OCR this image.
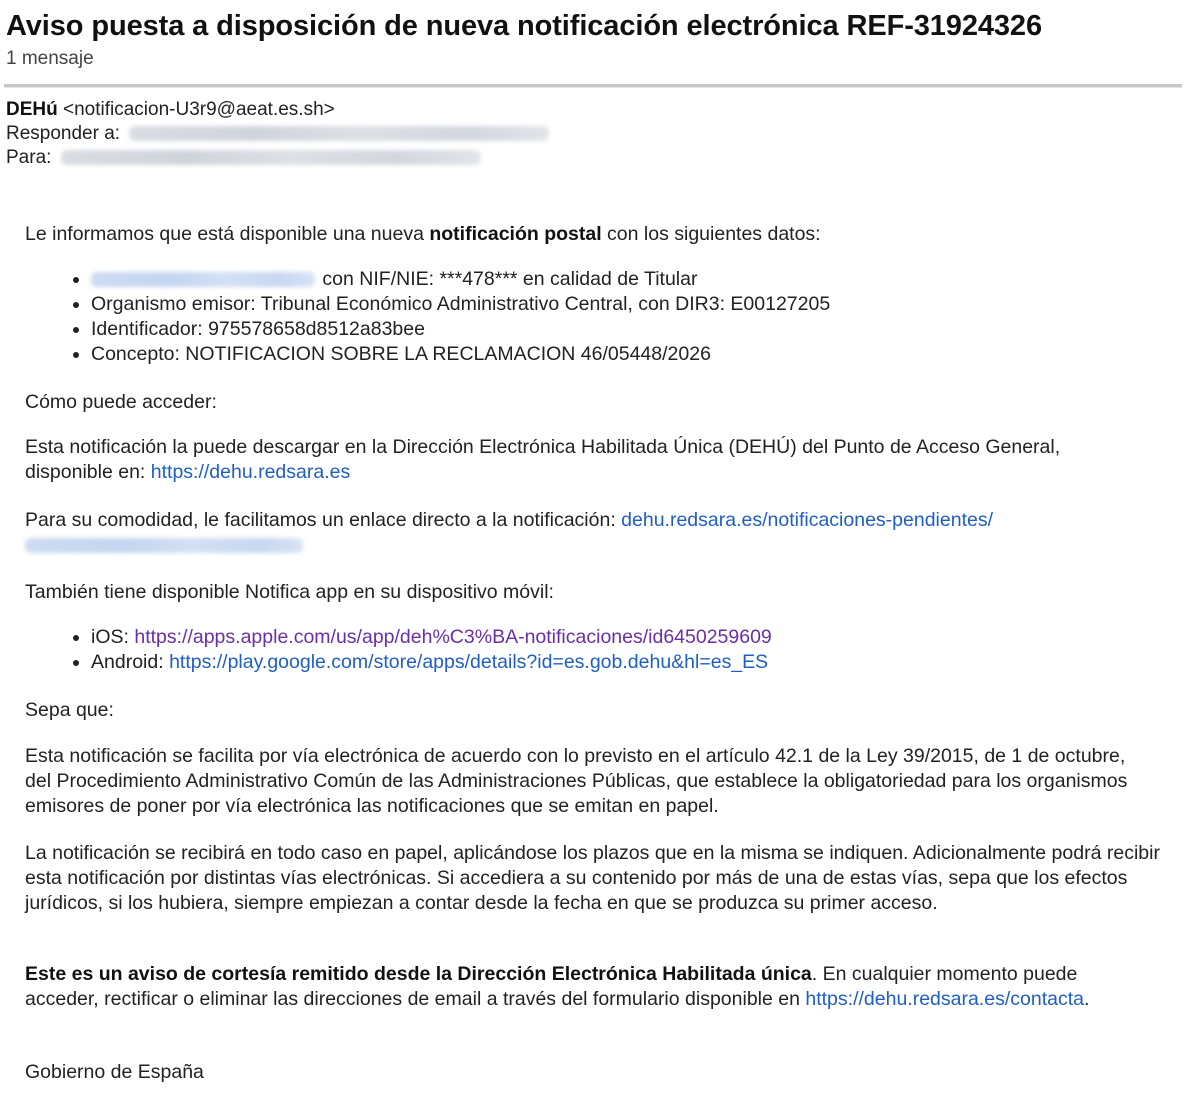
Aviso puesta a disposición de nueva notificación electrónica REF-31924326
1 mensaje
DEHú <notificacion-U3r9@aeat.es.sh>
Responder a:
Para:

Le informamos que está disponible una nueva notificación postal con los siguientes datos:

• con NIF/NIE: ***478*** en calidad de Titular
• Organismo emisor: Tribunal Económico Administrativo Central, con DIR3: E00127205
• Identificador: 975578658d8512a83bee
• Concepto: NOTIFICACION SOBRE LA RECLAMACION 46/05448/2026

Cómo puede acceder:

Esta notificación la puede descargar en la Dirección Electrónica Habilitada Única (DEHÚ) del Punto de Acceso General, disponible en: https://dehu.redsara.es

Para su comodidad, le facilitamos un enlace directo a la notificación: dehu.redsara.es/notificaciones-pendientes/

También tiene disponible Notifica app en su dispositivo móvil:

• iOS: https://apps.apple.com/us/app/deh%C3%BA-notificaciones/id6450259609
• Android: https://play.google.com/store/apps/details?id=es.gob.dehu&hl=es_ES

Sepa que:

Esta notificación se facilita por vía electrónica de acuerdo con lo previsto en el artículo 42.1 de la Ley 39/2015, de 1 de octubre, del Procedimiento Administrativo Común de las Administraciones Públicas, que establece la obligatoriedad para los organismos emisores de poner por vía electrónica las notificaciones que se emitan en papel.

La notificación se recibirá en todo caso en papel, aplicándose los plazos que en la misma se indiquen. Adicionalmente podrá recibir esta notificación por distintas vías electrónicas. Si accediera a su contenido por más de una de estas vías, sepa que los efectos jurídicos, si los hubiera, siempre empiezan a contar desde la fecha en que se produzca su primer acceso.

Este es un aviso de cortesía remitido desde la Dirección Electrónica Habilitada única. En cualquier momento puede acceder, rectificar o eliminar las direcciones de email a través del formulario disponible en https://dehu.redsara.es/contacta.

Gobierno de España
